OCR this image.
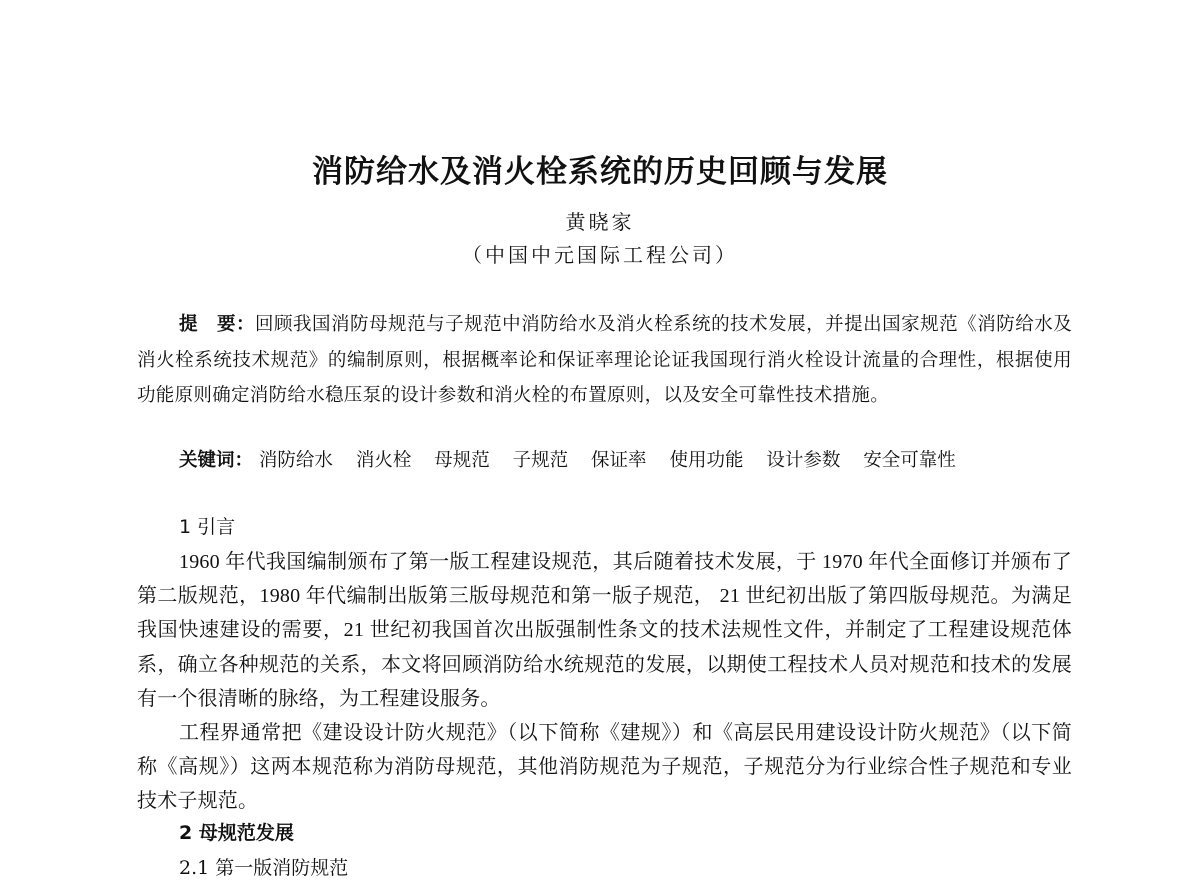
消防给水及消火栓系统的历史回顾与发展
黄晓家
（中国中元国际工程公司）
提　要：回顾我国消防母规范与子规范中消防给水及消火栓系统的技术发展，并提出国家规范《消防给水及消火栓系统技术规范》的编制原则，根据概率论和保证率理论论证我国现行消火栓设计流量的合理性，根据使用功能原则确定消防给水稳压泵的设计参数和消火栓的布置原则，以及安全可靠性技术措施。
关键词： 消防给水 消火栓 母规范 子规范 保证率 使用功能 设计参数 安全可靠性
1 引言
1960 年代我国编制颁布了第一版工程建设规范，其后随着技术发展，于 1970 年代全面修订并颁布了第二版规范，1980 年代编制出版第三版母规范和第一版子规范， 21 世纪初出版了第四版母规范。为满足我国快速建设的需要，21 世纪初我国首次出版强制性条文的技术法规性文件，并制定了工程建设规范体系，确立各种规范的关系，本文将回顾消防给水统规范的发展，以期使工程技术人员对规范和技术的发展有一个很清晰的脉络，为工程建设服务。
工程界通常把《建设设计防火规范》（以下简称《建规》）和《高层民用建设设计防火规范》（以下简称《高规》）这两本规范称为消防母规范，其他消防规范为子规范，子规范分为行业综合性子规范和专业技术子规范。
2 母规范发展
2.1 第一版消防规范
